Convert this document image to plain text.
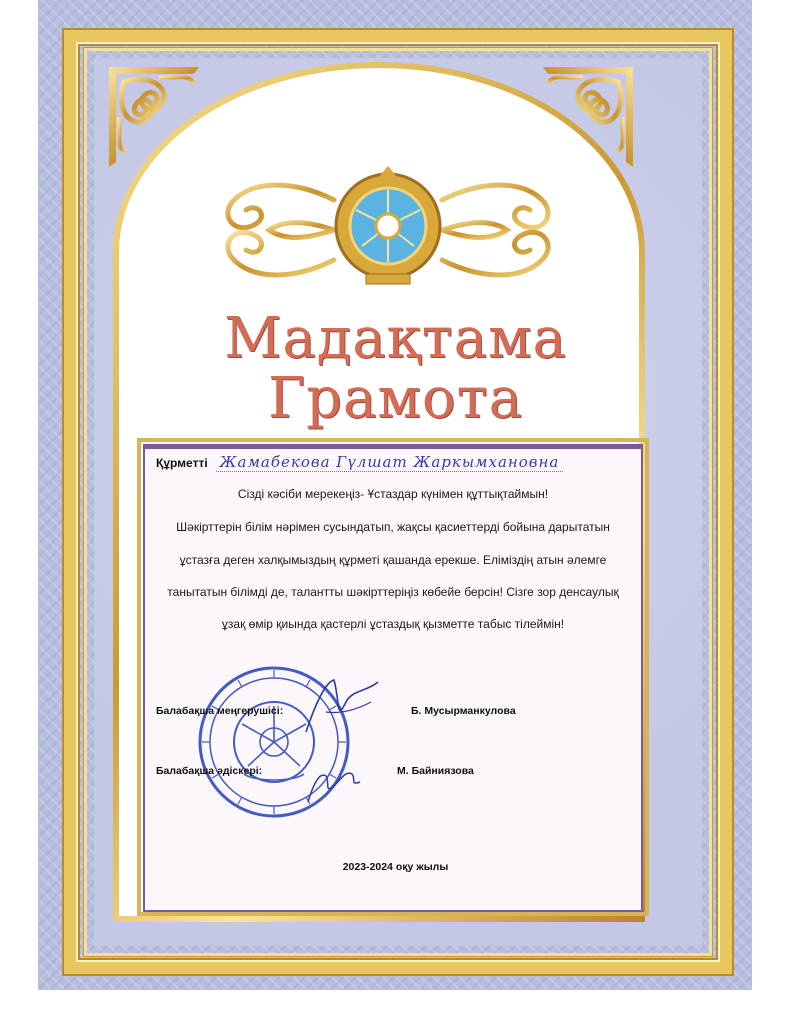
Мадақтама
Грамота
Құрметті Жамабекова Гүлшат Жаркымхановна
Сізді кәсіби мерекеңіз- Ұстаздар күнімен құттықтаймын!
Шәкірттерін білім нәрімен сусындатып, жақсы қасиеттерді бойына дарытатын
ұстазға деген халқымыздың құрметі қашанда ерекше. Еліміздің атын әлемге
танытатын білімді де, талантты шәкірттеріңіз көбейе берсін! Сізге зор денсаулық
ұзақ өмір қиында қастерлі ұстаздық қызметте табыс тілеймін!
Балабақша меңгерушісі:	Б. Мусырманкулова
Балабақша әдіскері:	М. Байниязова
2023-2024 оқу жылы
